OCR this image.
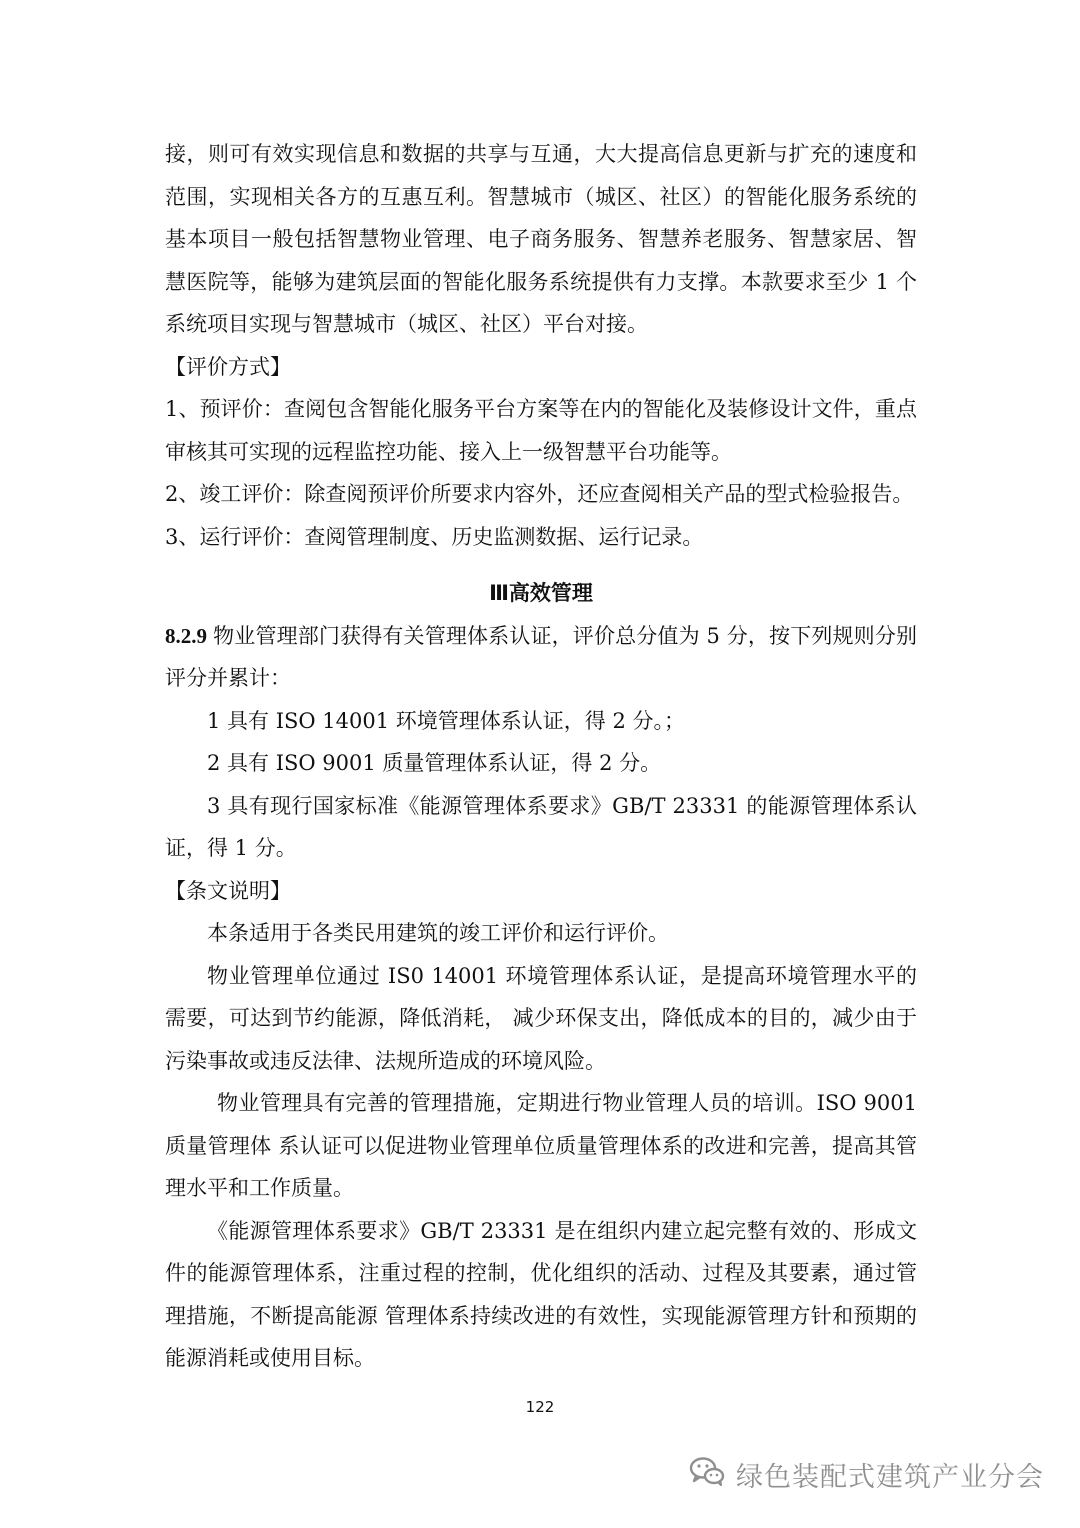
接，则可有效实现信息和数据的共享与互通，大大提高信息更新与扩充的速度和范围，实现相关各方的互惠互利。智慧城市（城区、社区）的智能化服务系统的基本项目一般包括智慧物业管理、电子商务服务、智慧养老服务、智慧家居、智慧医院等，能够为建筑层面的智能化服务系统提供有力支撑。本款要求至少 1 个系统项目实现与智慧城市（城区、社区）平台对接。

【评价方式】

1、预评价：查阅包含智能化服务平台方案等在内的智能化及装修设计文件，重点审核其可实现的远程监控功能、接入上一级智慧平台功能等。

2、竣工评价：除查阅预评价所要求内容外，还应查阅相关产品的型式检验报告。

3、运行评价：查阅管理制度、历史监测数据、运行记录。

Ⅲ高效管理

8.2.9 物业管理部门获得有关管理体系认证，评价总分值为 5 分，按下列规则分别评分并累计：

1 具有 ISO 14001 环境管理体系认证，得 2 分。；

2 具有 ISO 9001 质量管理体系认证，得 2 分。

3 具有现行国家标准《能源管理体系要求》GB/T 23331 的能源管理体系认证，得 1 分。

【条文说明】

本条适用于各类民用建筑的竣工评价和运行评价。

物业管理单位通过 IS0 14001 环境管理体系认证，是提高环境管理水平的需要，可达到节约能源，降低消耗， 减少环保支出，降低成本的目的，减少由于污染事故或违反法律、法规所造成的环境风险。

物业管理具有完善的管理措施，定期进行物业管理人员的培训。ISO 9001 质量管理体 系认证可以促进物业管理单位质量管理体系的改进和完善，提高其管理水平和工作质量。

《能源管理体系要求》GB/T 23331 是在组织内建立起完整有效的、形成文件的能源管理体系，注重过程的控制，优化组织的活动、过程及其要素，通过管理措施，不断提高能源 管理体系持续改进的有效性，实现能源管理方针和预期的能源消耗或使用目标。

122
绿色装配式建筑产业分会
